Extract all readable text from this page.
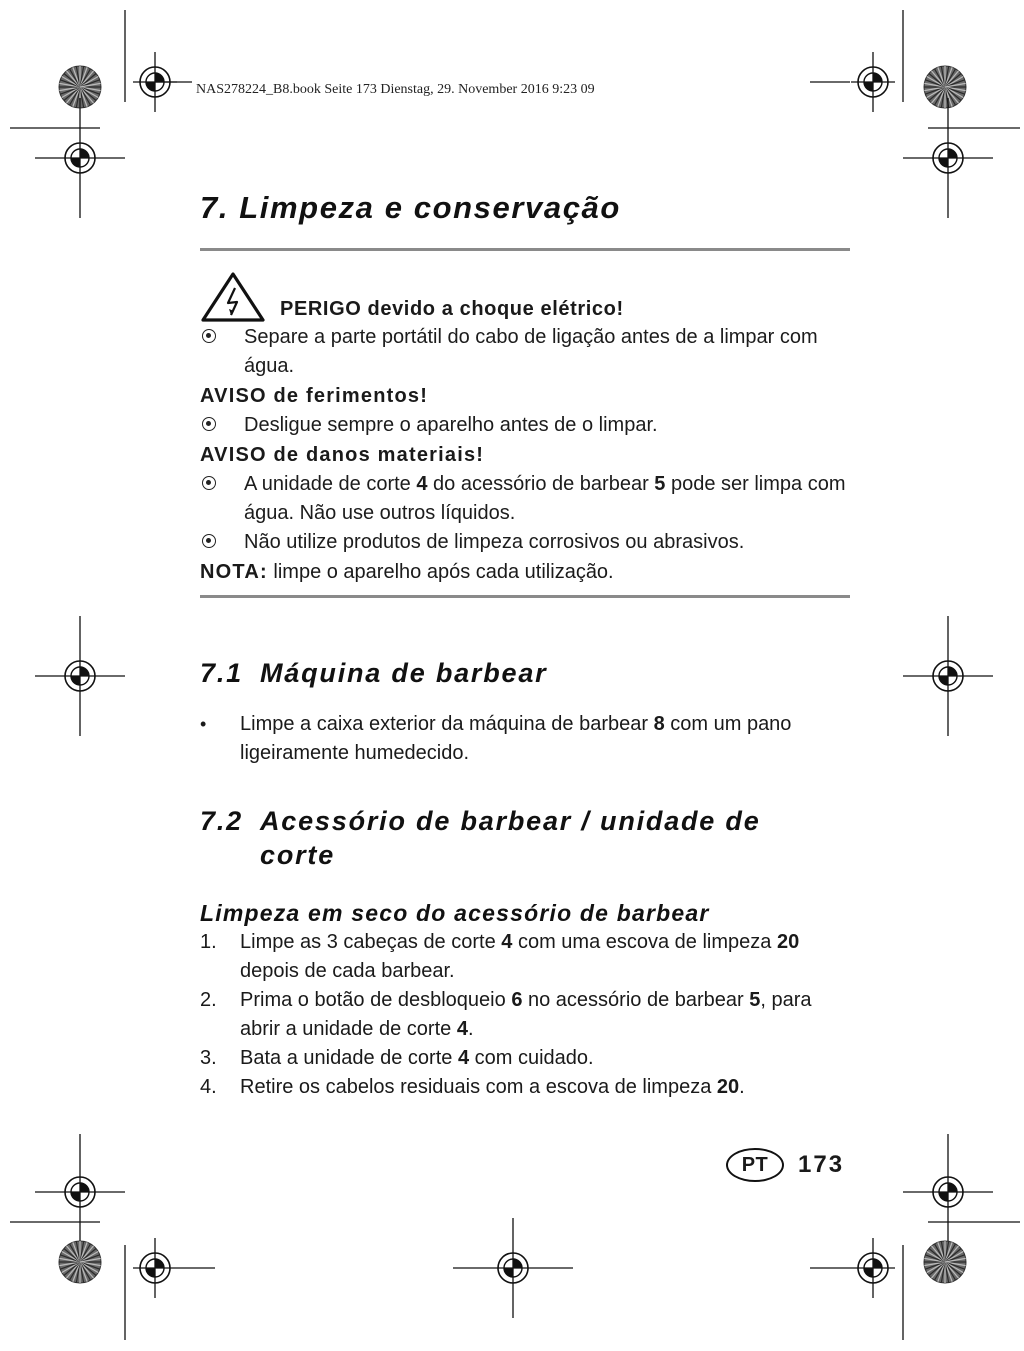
NAS278224_B8.book Seite 173 Dienstag, 29. November 2016 9:23 09
7. Limpeza e conservação
PERIGO devido a choque elétrico!
Separe a parte portátil do cabo de ligação antes de a limpar com água.
AVISO de ferimentos!
Desligue sempre o aparelho antes de o limpar.
AVISO de danos materiais!
A unidade de corte 4 do acessório de barbear 5 pode ser limpa com água. Não use outros líquidos.
Não utilize produtos de limpeza corrosivos ou abrasivos.
NOTA: limpe o aparelho após cada utilização.
7.1 Máquina de barbear
•	Limpe a caixa exterior da máquina de barbear 8 com um pano ligeiramente humedecido.
7.2 Acessório de barbear / unidade de
corte
Limpeza em seco do acessório de barbear
1.	Limpe as 3 cabeças de corte 4 com uma escova de limpeza 20 depois de cada barbear.
2.	Prima o botão de desbloqueio 6 no acessório de barbear 5, para abrir a unidade de corte 4.
3.	Bata a unidade de corte 4 com cuidado.
4.	Retire os cabelos residuais com a escova de limpeza 20.
PT	173
